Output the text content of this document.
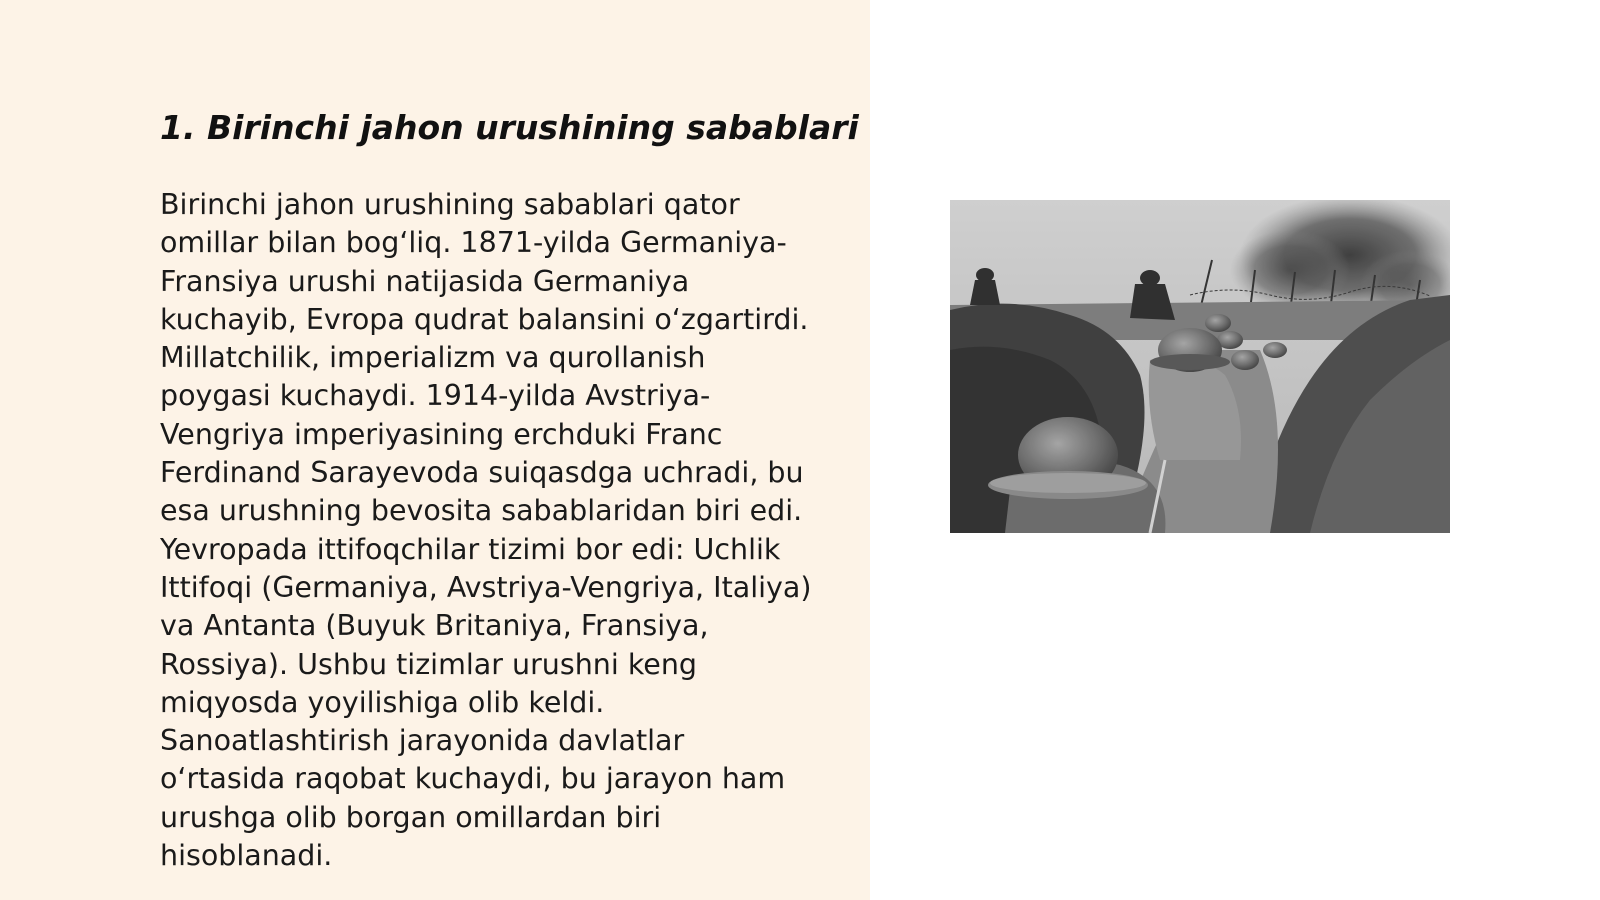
1. Birinchi jahon urushining sabablari

Birinchi jahon urushining sabablari qator
omillar bilan bog‘liq. 1871-yilda Germaniya-
Fransiya urushi natijasida Germaniya
kuchayib, Evropa qudrat balansini o‘zgartirdi.
Millatchilik, imperializm va qurollanish
poygasi kuchaydi. 1914-yilda Avstriya-
Vengriya imperiyasining erchduki Franc
Ferdinand Sarayevoda suiqasdga uchradi, bu
esa urushning bevosita sabablaridan biri edi.
Yevropada ittifoqchilar tizimi bor edi: Uchlik
Ittifoqi (Germaniya, Avstriya-Vengriya, Italiya)
va Antanta (Buyuk Britaniya, Fransiya,
Rossiya). Ushbu tizimlar urushni keng
miqyosda yoyilishiga olib keldi.
Sanoatlashtirish jarayonida davlatlar
o‘rtasida raqobat kuchaydi, bu jarayon ham
urushga olib borgan omillardan biri
hisoblanadi.
